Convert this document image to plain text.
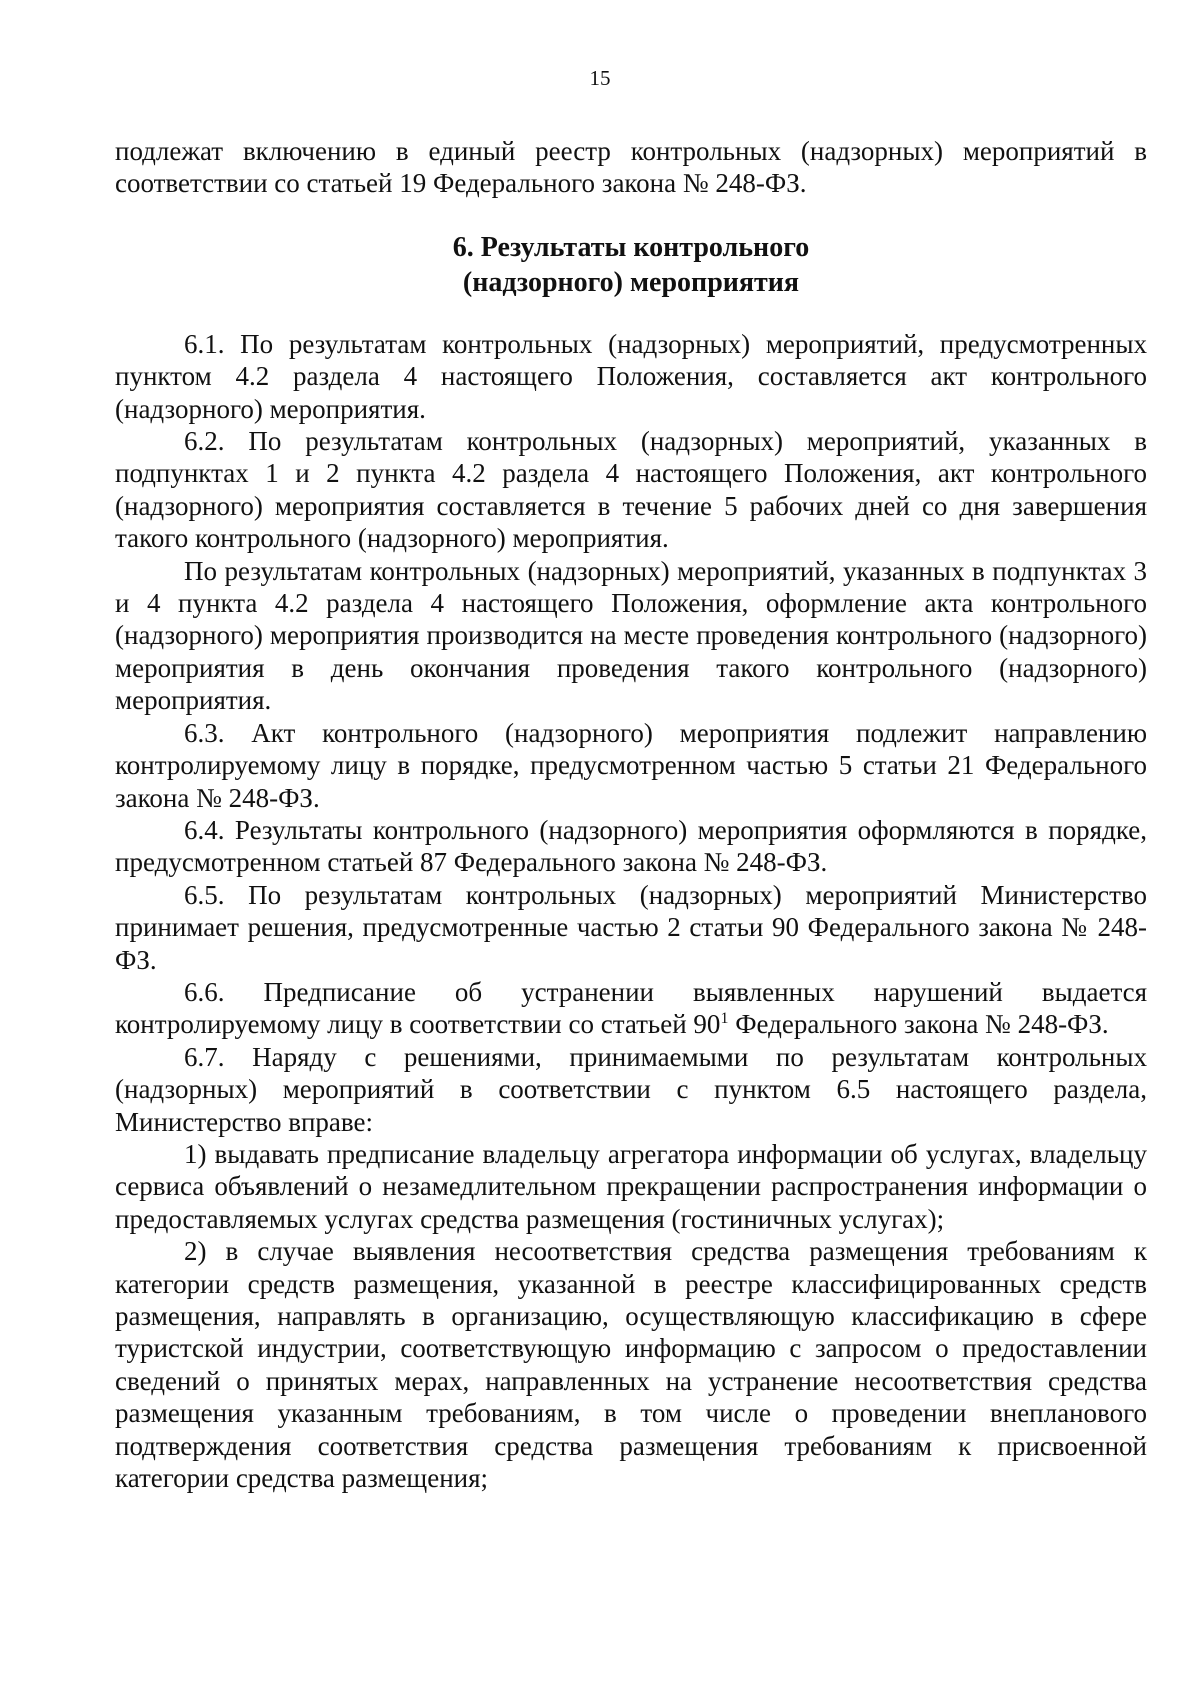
15

подлежат включению в единый реестр контрольных (надзорных) мероприятий в соответствии со статьей 19 Федерального закона № 248-ФЗ.

6. Результаты контрольного
(надзорного) мероприятия

6.1. По результатам контрольных (надзорных) мероприятий, предусмотренных пунктом 4.2 раздела 4 настоящего Положения, составляется акт контрольного (надзорного) мероприятия.

6.2. По результатам контрольных (надзорных) мероприятий, указанных в подпунктах 1 и 2 пункта 4.2 раздела 4 настоящего Положения, акт контрольного (надзорного) мероприятия составляется в течение 5 рабочих дней со дня завершения такого контрольного (надзорного) мероприятия.

По результатам контрольных (надзорных) мероприятий, указанных в подпунктах 3 и 4 пункта 4.2 раздела 4 настоящего Положения, оформление акта контрольного (надзорного) мероприятия производится на месте проведения контрольного (надзорного) мероприятия в день окончания проведения такого контрольного (надзорного) мероприятия.

6.3. Акт контрольного (надзорного) мероприятия подлежит направлению контролируемому лицу в порядке, предусмотренном частью 5 статьи 21 Федерального закона № 248-ФЗ.

6.4. Результаты контрольного (надзорного) мероприятия оформляются в порядке, предусмотренном статьей 87 Федерального закона № 248-ФЗ.

6.5. По результатам контрольных (надзорных) мероприятий Министерство принимает решения, предусмотренные частью 2 статьи 90 Федерального закона № 248-ФЗ.

6.6. Предписание об устранении выявленных нарушений выдается контролируемому лицу в соответствии со статьей $90^1$ Федерального закона № 248-ФЗ.

6.7. Наряду с решениями, принимаемыми по результатам контрольных (надзорных) мероприятий в соответствии с пунктом 6.5 настоящего раздела, Министерство вправе:

1) выдавать предписание владельцу агрегатора информации об услугах, владельцу сервиса объявлений о незамедлительном прекращении распространения информации о предоставляемых услугах средства размещения (гостиничных услугах);

2) в случае выявления несоответствия средства размещения требованиям к категории средств размещения, указанной в реестре классифицированных средств размещения, направлять в организацию, осуществляющую классификацию в сфере туристской индустрии, соответствующую информацию с запросом о предоставлении сведений о принятых мерах, направленных на устранение несоответствия средства размещения указанным требованиям, в том числе о проведении внепланового подтверждения соответствия средства размещения требованиям к присвоенной категории средства размещения;
